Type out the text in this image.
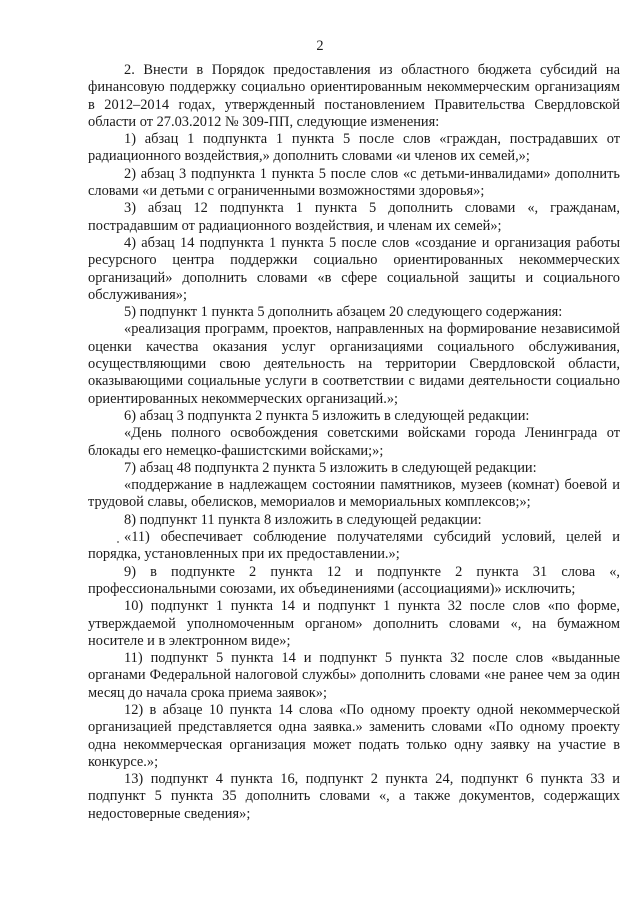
2

2. Внести в Порядок предоставления из областного бюджета субсидий на финансовую поддержку социально ориентированным некоммерческим организациям в 2012–2014 годах, утвержденный постановлением Правительства Свердловской области от 27.03.2012 № 309-ПП, следующие изменения:

1) абзац 1 подпункта 1 пункта 5 после слов «граждан, пострадавших от радиационного воздействия,» дополнить словами «и членов их семей,»;

2) абзац 3 подпункта 1 пункта 5 после слов «с детьми-инвалидами» дополнить словами «и детьми с ограниченными возможностями здоровья»;

3) абзац 12 подпункта 1 пункта 5 дополнить словами «, гражданам, пострадавшим от радиационного воздействия, и членам их семей»;

4) абзац 14 подпункта 1 пункта 5 после слов «создание и организация работы ресурсного центра поддержки социально ориентированных некоммерческих организаций» дополнить словами «в сфере социальной защиты и социального обслуживания»;

5) подпункт 1 пункта 5 дополнить абзацем 20 следующего содержания:

«реализация программ, проектов, направленных на формирование независимой оценки качества оказания услуг организациями социального обслуживания, осуществляющими свою деятельность на территории Свердловской области, оказывающими социальные услуги в соответствии с видами деятельности социально ориентированных некоммерческих организаций.»;

6) абзац 3 подпункта 2 пункта 5 изложить в следующей редакции:

«День полного освобождения советскими войсками города Ленинграда от блокады его немецко-фашистскими войсками;»;

7) абзац 48 подпункта 2 пункта 5 изложить в следующей редакции:

«поддержание в надлежащем состоянии памятников, музеев (комнат) боевой и трудовой славы, обелисков, мемориалов и мемориальных комплексов;»;

8) подпункт 11 пункта 8 изложить в следующей редакции:

«11) обеспечивает соблюдение получателями субсидий условий, целей и порядка, установленных при их предоставлении.»;

9) в подпункте 2 пункта 12 и подпункте 2 пункта 31 слова «, профессиональными союзами, их объединениями (ассоциациями)» исключить;

10) подпункт 1 пункта 14 и подпункт 1 пункта 32 после слов «по форме, утверждаемой уполномоченным органом» дополнить словами «, на бумажном носителе и в электронном виде»;

11) подпункт 5 пункта 14 и подпункт 5 пункта 32 после слов «выданные органами Федеральной налоговой службы» дополнить словами «не ранее чем за один месяц до начала срока приема заявок»;

12) в абзаце 10 пункта 14 слова «По одному проекту одной некоммерческой организацией представляется одна заявка.» заменить словами «По одному проекту одна некоммерческая организация может подать только одну заявку на участие в конкурсе.»;

13) подпункт 4 пункта 16, подпункт 2 пункта 24, подпункт 6 пункта 33 и подпункт 5 пункта 35 дополнить словами «, а также документов, содержащих недостоверные сведения»;
